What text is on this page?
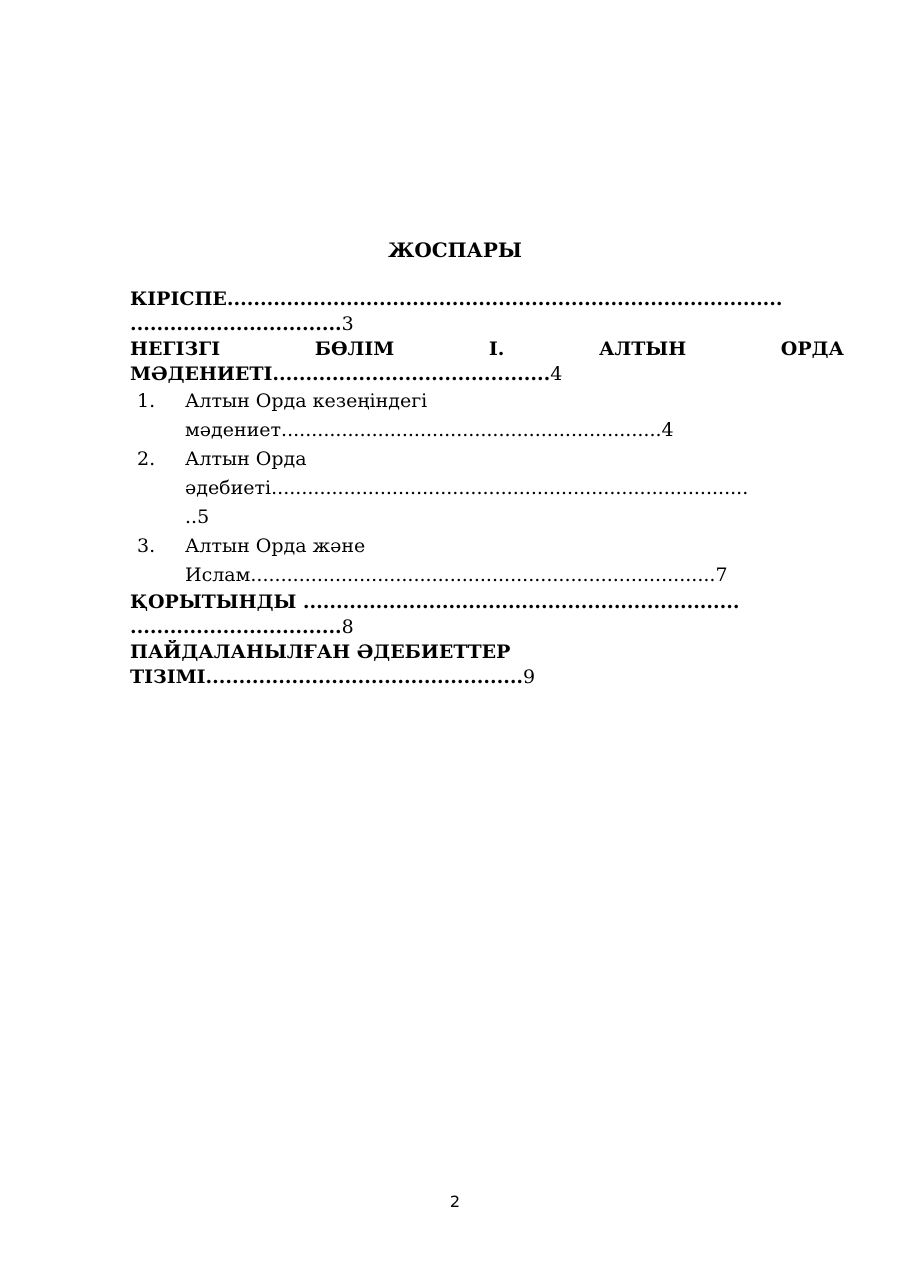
ЖОСПАРЫ
КІРІСПЕ....................................................................................
................................3
НЕГІЗГІ	БӨЛІМ	І.	АЛТЫН	ОРДА
МӘДЕНИЕТІ..........................................4
1. Алтын Орда кезеңіндегі
мәдениет...............................................................4
2. Алтын Орда
әдебиеті...............................................................................
..5
3. Алтын Орда және
Ислам.............................................................................7
ҚОРЫТЫНДЫ ..................................................................
................................8
ПАЙДАЛАНЫЛҒАН ӘДЕБИЕТТЕР
ТІЗІМІ................................................9
2
